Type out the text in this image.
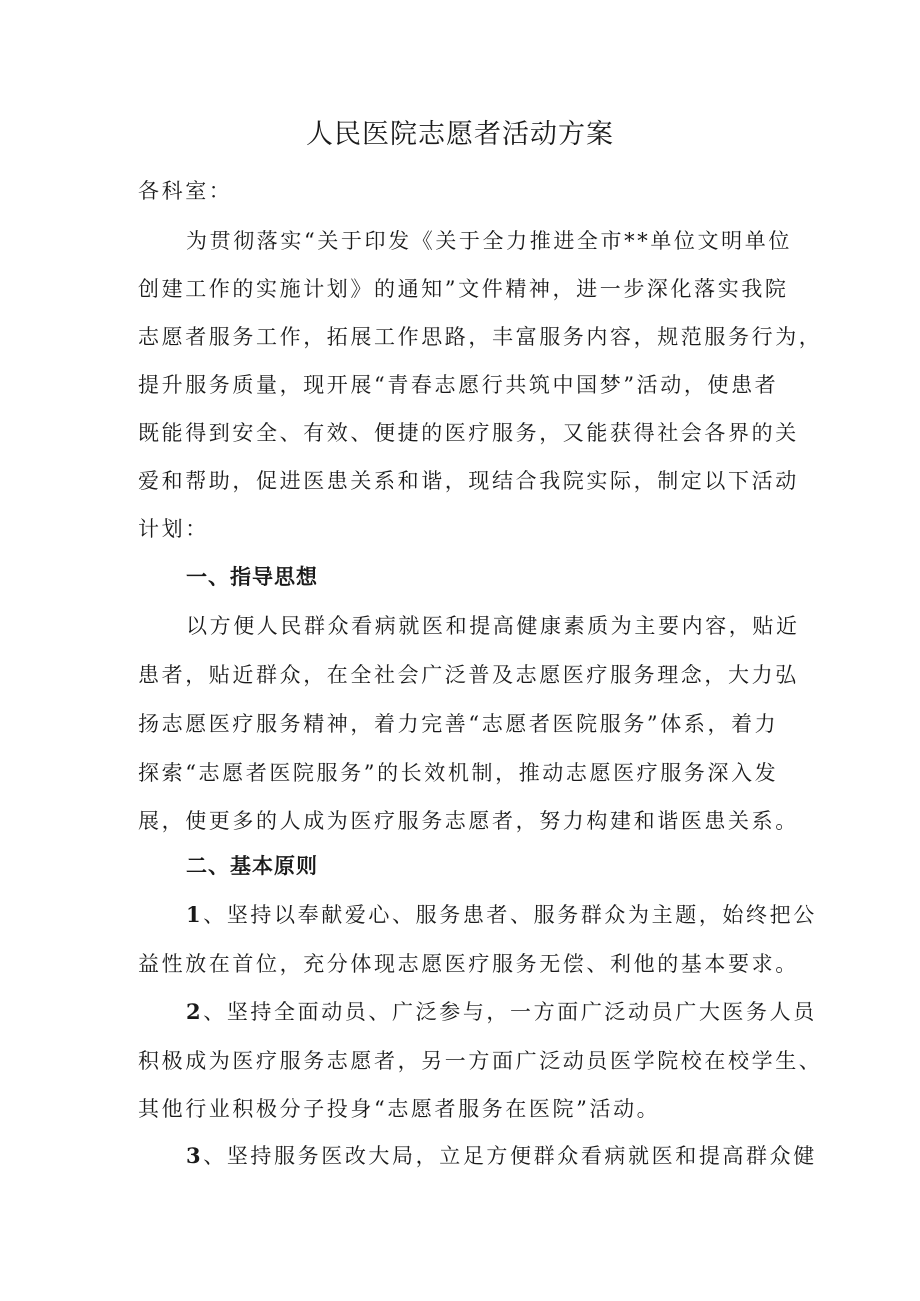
人民医院志愿者活动方案

各科室：

为贯彻落实“关于印发《关于全力推进全市**单位文明单位

创建工作的实施计划》的通知”文件精神，进一步深化落实我院

志愿者服务工作，拓展工作思路，丰富服务内容，规范服务行为，

提升服务质量，现开展“青春志愿行共筑中国梦”活动，使患者

既能得到安全、有效、便捷的医疗服务，又能获得社会各界的关

爱和帮助，促进医患关系和谐，现结合我院实际，制定以下活动

计划：

一、指导思想

以方便人民群众看病就医和提高健康素质为主要内容，贴近

患者，贴近群众，在全社会广泛普及志愿医疗服务理念，大力弘

扬志愿医疗服务精神，着力完善“志愿者医院服务”体系，着力

探索“志愿者医院服务”的长效机制，推动志愿医疗服务深入发

展，使更多的人成为医疗服务志愿者，努力构建和谐医患关系。

二、基本原则

1、坚持以奉献爱心、服务患者、服务群众为主题，始终把公

益性放在首位，充分体现志愿医疗服务无偿、利他的基本要求。

2、坚持全面动员、广泛参与，一方面广泛动员广大医务人员

积极成为医疗服务志愿者，另一方面广泛动员医学院校在校学生、

其他行业积极分子投身“志愿者服务在医院”活动。

3、坚持服务医改大局，立足方便群众看病就医和提高群众健
